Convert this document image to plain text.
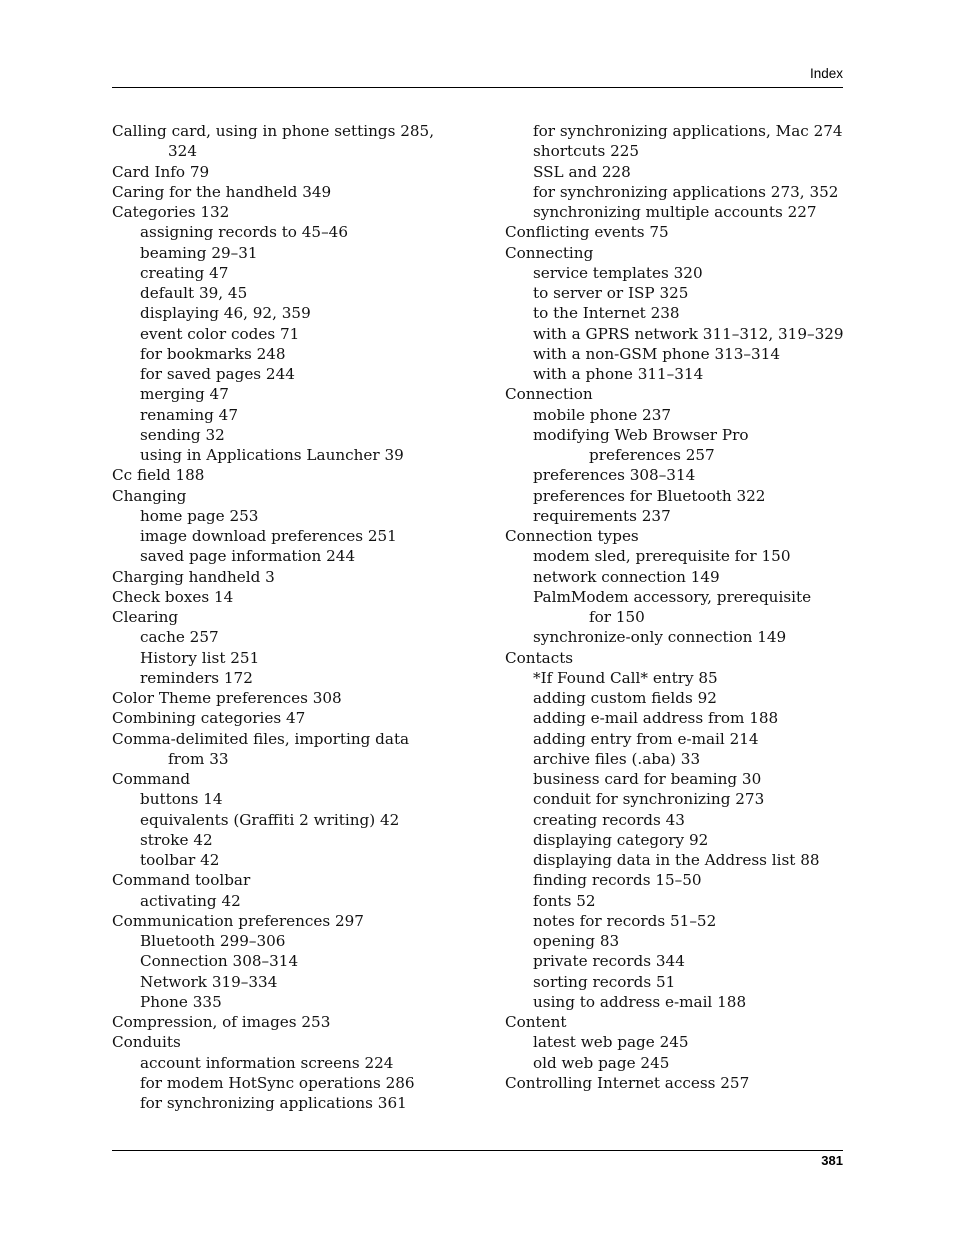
Index
Calling card, using in phone settings 285,
324
Card Info 79
Caring for the handheld 349
Categories 132
assigning records to 45–46
beaming 29–31
creating 47
default 39, 45
displaying 46, 92, 359
event color codes 71
for bookmarks 248
for saved pages 244
merging 47
renaming 47
sending 32
using in Applications Launcher 39
Cc field 188
Changing
home page 253
image download preferences 251
saved page information 244
Charging handheld 3
Check boxes 14
Clearing
cache 257
History list 251
reminders 172
Color Theme preferences 308
Combining categories 47
Comma-delimited files, importing data
from 33
Command
buttons 14
equivalents (Graffiti 2 writing) 42
stroke 42
toolbar 42
Command toolbar
activating 42
Communication preferences 297
Bluetooth 299–306
Connection 308–314
Network 319–334
Phone 335
Compression, of images 253
Conduits
account information screens 224
for modem HotSync operations 286
for synchronizing applications 361
for synchronizing applications, Mac 274
shortcuts 225
SSL and 228
for synchronizing applications 273, 352
synchronizing multiple accounts 227
Conflicting events 75
Connecting
service templates 320
to server or ISP 325
to the Internet 238
with a GPRS network 311–312, 319–329
with a non-GSM phone 313–314
with a phone 311–314
Connection
mobile phone 237
modifying Web Browser Pro
preferences 257
preferences 308–314
preferences for Bluetooth 322
requirements 237
Connection types
modem sled, prerequisite for 150
network connection 149
PalmModem accessory, prerequisite
for 150
synchronize-only connection 149
Contacts
*If Found Call* entry 85
adding custom fields 92
adding e-mail address from 188
adding entry from e-mail 214
archive files (.aba) 33
business card for beaming 30
conduit for synchronizing 273
creating records 43
displaying category 92
displaying data in the Address list 88
finding records 15–50
fonts 52
notes for records 51–52
opening 83
private records 344
sorting records 51
using to address e-mail 188
Content
latest web page 245
old web page 245
Controlling Internet access 257
381
